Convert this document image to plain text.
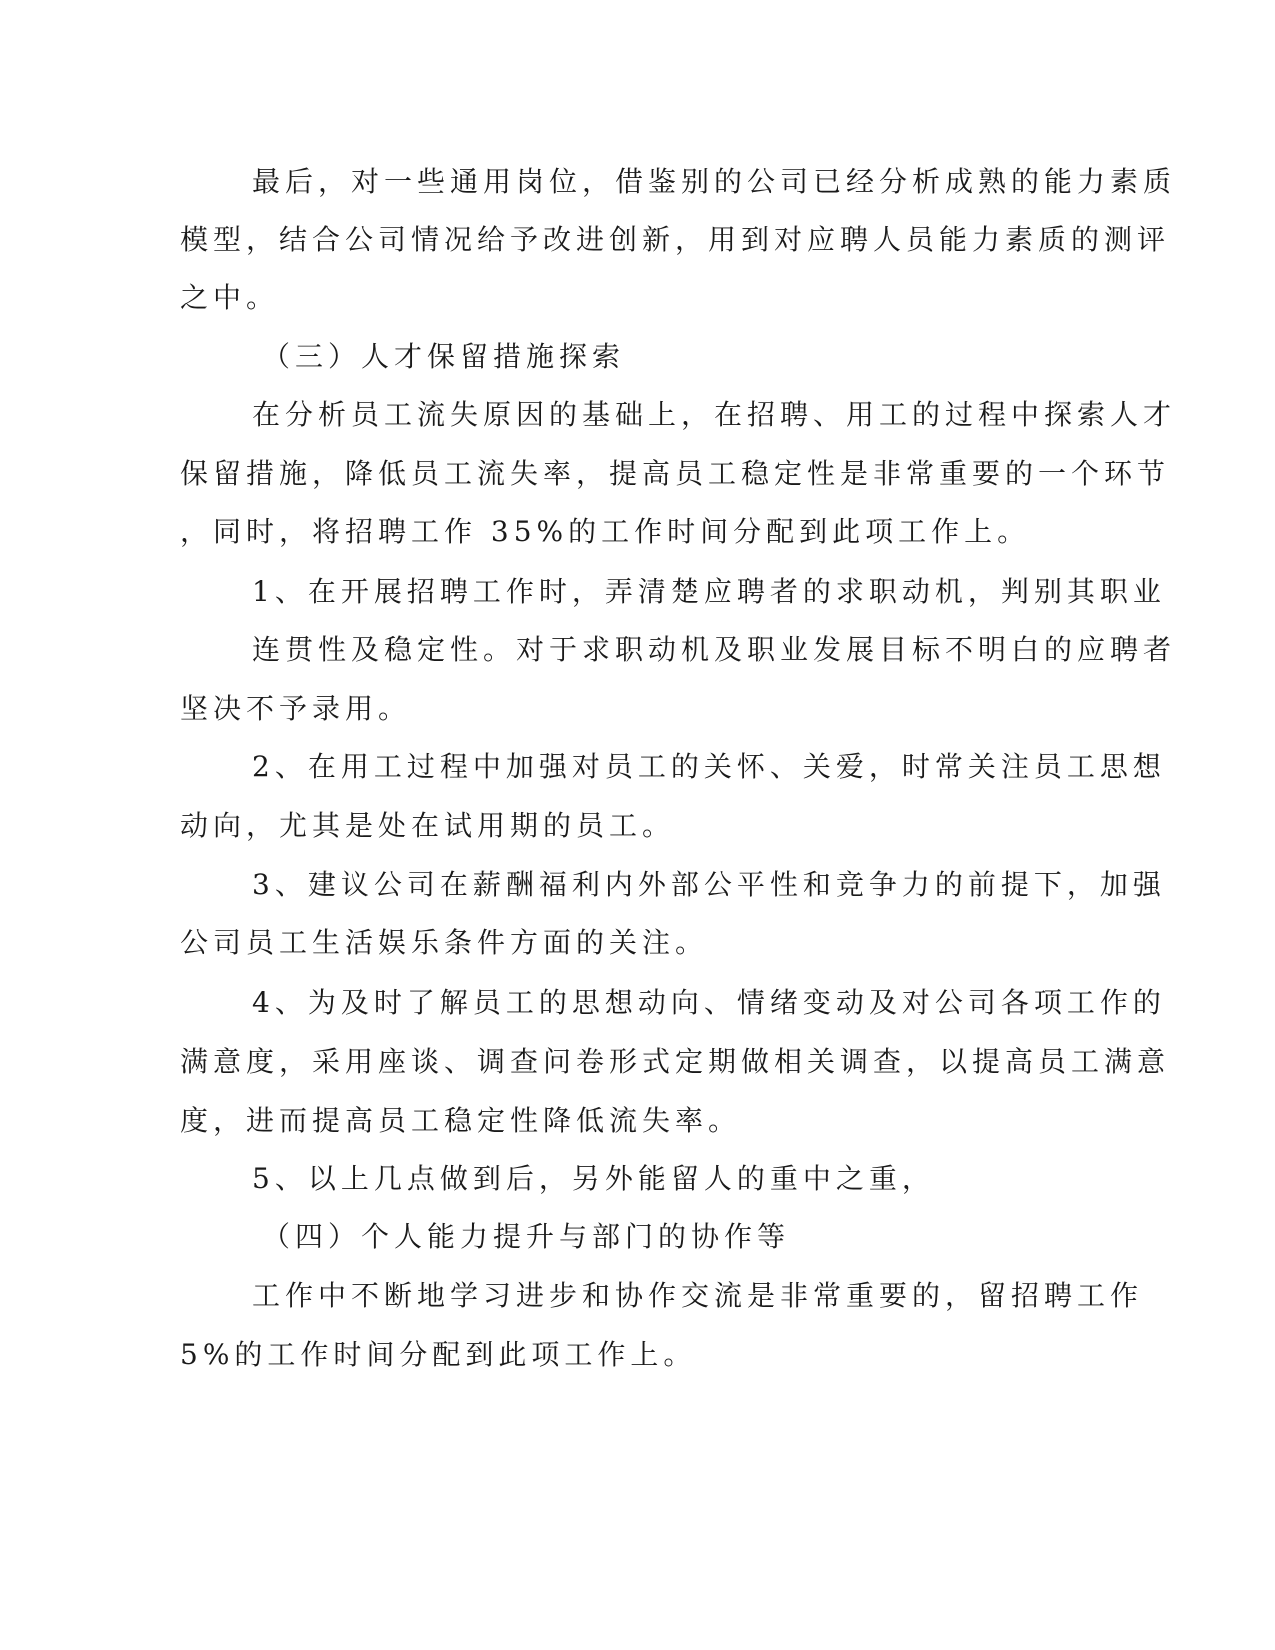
最后，对一些通用岗位，借鉴别的公司已经分析成熟的能力素质
模型，结合公司情况给予改进创新，用到对应聘人员能力素质的测评
之中。
（三）人才保留措施探索
在分析员工流失原因的基础上，在招聘、用工的过程中探索人才
保留措施，降低员工流失率，提高员工稳定性是非常重要的一个环节
，同时，将招聘工作 35%的工作时间分配到此项工作上。
1、在开展招聘工作时，弄清楚应聘者的求职动机，判别其职业
连贯性及稳定性。对于求职动机及职业发展目标不明白的应聘者
坚决不予录用。
2、在用工过程中加强对员工的关怀、关爱，时常关注员工思想
动向，尤其是处在试用期的员工。
3、建议公司在薪酬福利内外部公平性和竞争力的前提下，加强
公司员工生活娱乐条件方面的关注。
4、为及时了解员工的思想动向、情绪变动及对公司各项工作的
满意度，采用座谈、调查问卷形式定期做相关调查，以提高员工满意
度，进而提高员工稳定性降低流失率。
5、以上几点做到后，另外能留人的重中之重，
（四）个人能力提升与部门的协作等
工作中不断地学习进步和协作交流是非常重要的，留招聘工作
5%的工作时间分配到此项工作上。
